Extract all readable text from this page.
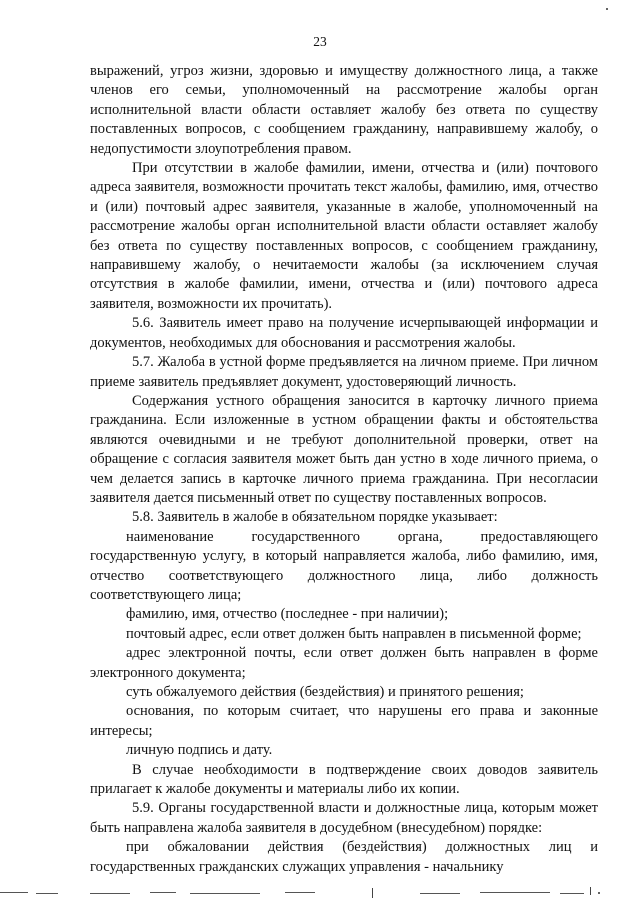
23

выражений, угроз жизни, здоровью и имуществу должностного лица, а также членов его семьи, уполномоченный на рассмотрение жалобы орган исполнительной власти области оставляет жалобу без ответа по существу поставленных вопросов, с сообщением гражданину, направившему жалобу, о недопустимости злоупотребления правом.

При отсутствии в жалобе фамилии, имени, отчества и (или) почтового адреса заявителя, возможности прочитать текст жалобы, фамилию, имя, отчество и (или) почтовый адрес заявителя, указанные в жалобе, уполномоченный на рассмотрение жалобы орган исполнительной власти области оставляет жалобу без ответа по существу поставленных вопросов, с сообщением гражданину, направившему жалобу, о нечитаемости жалобы (за исключением случая отсутствия в жалобе фамилии, имени, отчества и (или) почтового адреса заявителя, возможности их прочитать).

5.6. Заявитель имеет право на получение исчерпывающей информации и документов, необходимых для обоснования и рассмотрения жалобы.

5.7. Жалоба в устной форме предъявляется на личном приеме. При личном приеме заявитель предъявляет документ, удостоверяющий личность.

Содержания устного обращения заносится в карточку личного приема гражданина. Если изложенные в устном обращении факты и обстоятельства являются очевидными и не требуют дополнительной проверки, ответ на обращение с согласия заявителя может быть дан устно в ходе личного приема, о чем делается запись в карточке личного приема гражданина. При несогласии заявителя дается письменный ответ по существу поставленных вопросов.

5.8. Заявитель в жалобе в обязательном порядке указывает:

наименование государственного органа, предоставляющего государственную услугу, в который направляется жалоба, либо фамилию, имя, отчество соответствующего должностного лица, либо должность соответствующего лица;

фамилию, имя, отчество (последнее - при наличии);

почтовый адрес, если ответ должен быть направлен в письменной форме;

адрес электронной почты, если ответ должен быть направлен в форме электронного документа;

суть обжалуемого действия (бездействия) и принятого решения;

основания, по которым считает, что нарушены его права и законные интересы;

личную подпись и дату.

В случае необходимости в подтверждение своих доводов заявитель прилагает к жалобе документы и материалы либо их копии.

5.9. Органы государственной власти и должностные лица, которым может быть направлена жалоба заявителя в досудебном (внесудебном) порядке:

при обжаловании действия (бездействия) должностных лиц и государственных гражданских служащих управления - начальнику
